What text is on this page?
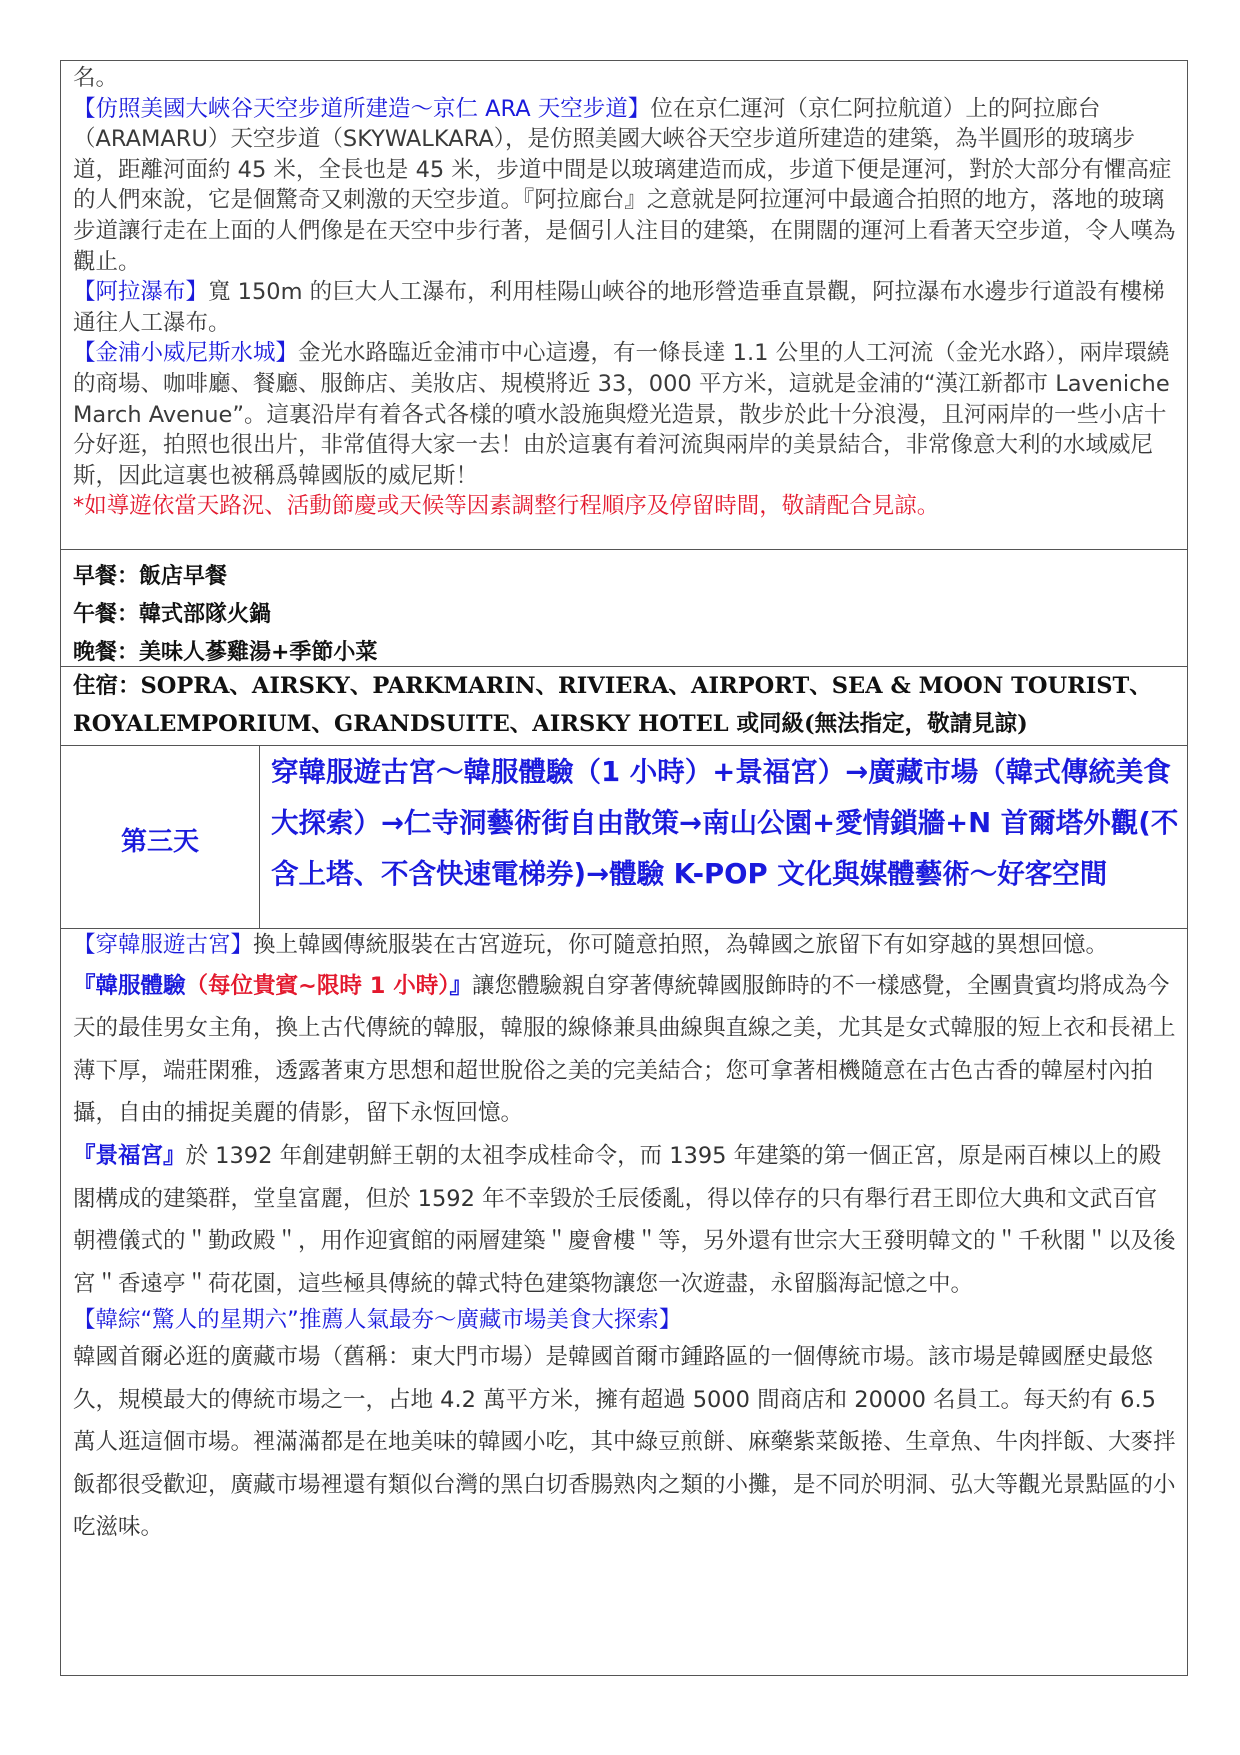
名。

【仿照美國大峽谷天空步道所建造～京仁 ARA 天空步道】位在京仁運河（京仁阿拉航道）上的阿拉廊台（ARAMARU）天空步道（SKYWALKARA），是仿照美國大峽谷天空步道所建造的建築，為半圓形的玻璃步道，距離河面約 45 米，全長也是 45 米，步道中間是以玻璃建造而成，步道下便是運河，對於大部分有懼高症的人們來說，它是個驚奇又刺激的天空步道。『阿拉廊台』之意就是阿拉運河中最適合拍照的地方，落地的玻璃步道讓行走在上面的人們像是在天空中步行著，是個引人注目的建築，在開闊的運河上看著天空步道，令人嘆為觀止。

【阿拉瀑布】寬 150m 的巨大人工瀑布，利用桂陽山峽谷的地形營造垂直景觀，阿拉瀑布水邊步行道設有樓梯通往人工瀑布。

【金浦小威尼斯水城】金光水路臨近金浦市中心這邊，有一條長達 1.1 公里的人工河流（金光水路），兩岸環繞的商場、咖啡廳、餐廳、服飾店、美妝店、規模將近 33，000 平方米，這就是金浦的“漢江新都市 Laveniche March Avenue”。這裏沿岸有着各式各樣的噴水設施與燈光造景，散步於此十分浪漫，且河兩岸的一些小店十分好逛，拍照也很出片，非常值得大家一去！由於這裏有着河流與兩岸的美景結合，非常像意大利的水域威尼斯，因此這裏也被稱爲韓國版的威尼斯！

*如導遊依當天路況、活動節慶或天候等因素調整行程順序及停留時間，敬請配合見諒。

早餐：飯店早餐
午餐：韓式部隊火鍋
晚餐：美味人蔘雞湯+季節小菜
住宿：SOPRA、AIRSKY、PARKMARIN、RIVIERA、AIRPORT、SEA & MOON TOURIST、
ROYALEMPORIUM、GRANDSUITE、AIRSKY HOTEL 或同級(無法指定，敬請見諒)
第三天
穿韓服遊古宮～韓服體驗（1 小時）+景福宮）→廣藏市場（韓式傳統美食大探索）→仁寺洞藝術街自由散策→南山公園+愛情鎖牆+N 首爾塔外觀(不含上塔、不含快速電梯券)→體驗 K-POP 文化與媒體藝術～好客空間

【穿韓服遊古宮】換上韓國傳統服裝在古宮遊玩，你可隨意拍照，為韓國之旅留下有如穿越的異想回憶。

『韓服體驗（每位貴賓~限時 1 小時）』讓您體驗親自穿著傳統韓國服飾時的不一樣感覺，全團貴賓均將成為今天的最佳男女主角，換上古代傳統的韓服，韓服的線條兼具曲線與直線之美，尤其是女式韓服的短上衣和長裙上薄下厚，端莊閑雅，透露著東方思想和超世脫俗之美的完美結合；您可拿著相機隨意在古色古香的韓屋村內拍攝，自由的捕捉美麗的倩影，留下永恆回憶。

『景福宮』於 1392 年創建朝鮮王朝的太祖李成桂命令，而 1395 年建築的第一個正宮，原是兩百棟以上的殿閣構成的建築群，堂皇富麗，但於 1592 年不幸毀於壬辰倭亂，得以倖存的只有舉行君王即位大典和文武百官朝禮儀式的＂勤政殿＂，用作迎賓館的兩層建築＂慶會樓＂等，另外還有世宗大王發明韓文的＂千秋閣＂以及後宮＂香遠亭＂荷花園，這些極具傳統的韓式特色建築物讓您一次遊盡，永留腦海記憶之中。

【韓綜“驚人的星期六”推薦人氣最夯～廣藏市場美食大探索】

韓國首爾必逛的廣藏市場（舊稱：東大門市場）是韓國首爾市鍾路區的一個傳統市場。該市場是韓國歷史最悠久，規模最大的傳統市場之一，占地 4.2 萬平方米，擁有超過 5000 間商店和 20000 名員工。每天約有 6.5 萬人逛這個市場。裡滿滿都是在地美味的韓國小吃，其中綠豆煎餅、麻藥紫菜飯捲、生章魚、牛肉拌飯、大麥拌飯都很受歡迎，廣藏市場裡還有類似台灣的黑白切香腸熟肉之類的小攤，是不同於明洞、弘大等觀光景點區的小吃滋味。
